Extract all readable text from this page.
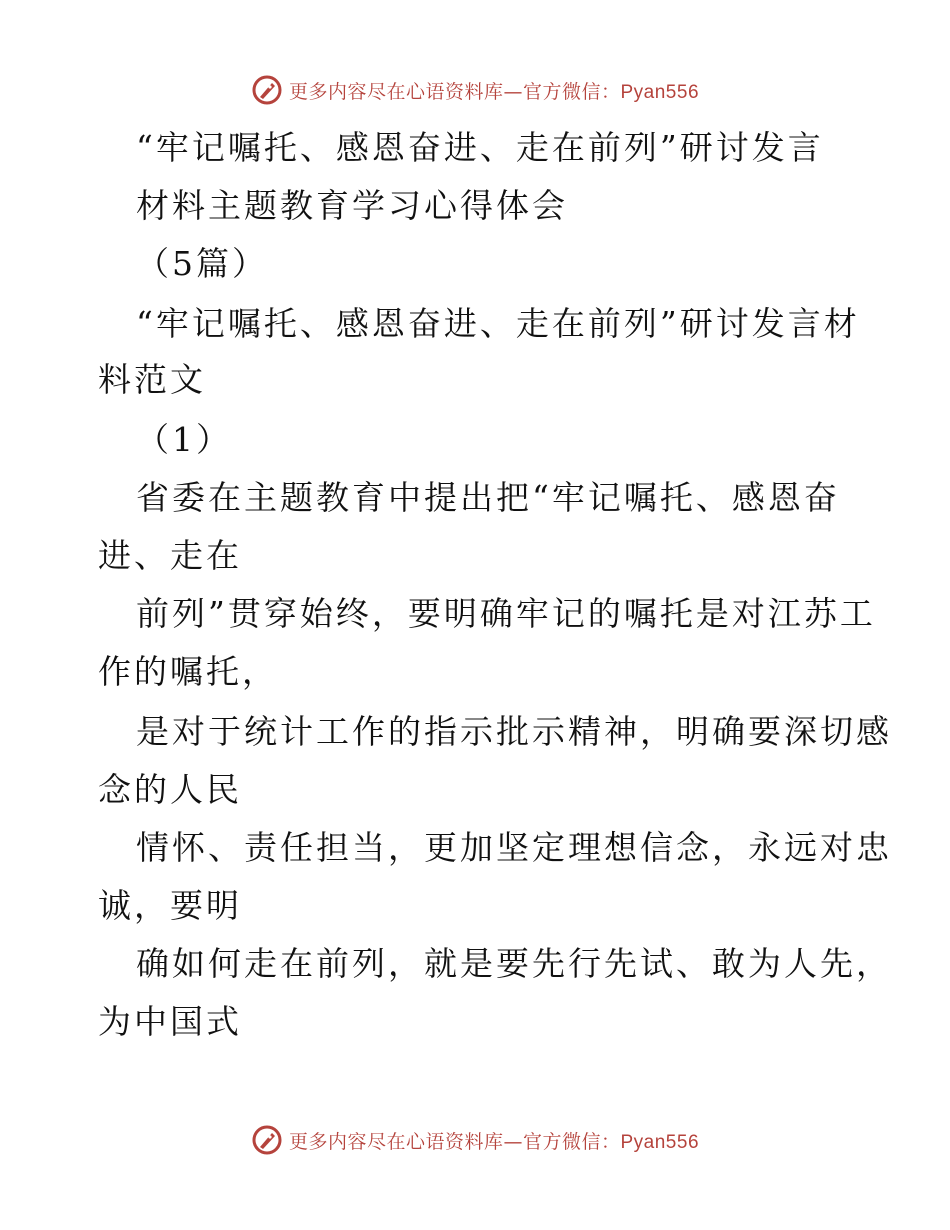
更多内容尽在心语资料库—官方微信：Pyan556
“牢记嘱托、感恩奋进、走在前列”研讨发言
材料主题教育学习心得体会
（5篇）
“牢记嘱托、感恩奋进、走在前列”研讨发言材
料范文
（1）
省委在主题教育中提出把“牢记嘱托、感恩奋
进、走在
前列”贯穿始终，要明确牢记的嘱托是对江苏工
作的嘱托，
是对于统计工作的指示批示精神，明确要深切感
念的人民
情怀、责任担当，更加坚定理想信念，永远对忠
诚，要明
确如何走在前列，就是要先行先试、敢为人先，
为中国式
更多内容尽在心语资料库—官方微信：Pyan556
